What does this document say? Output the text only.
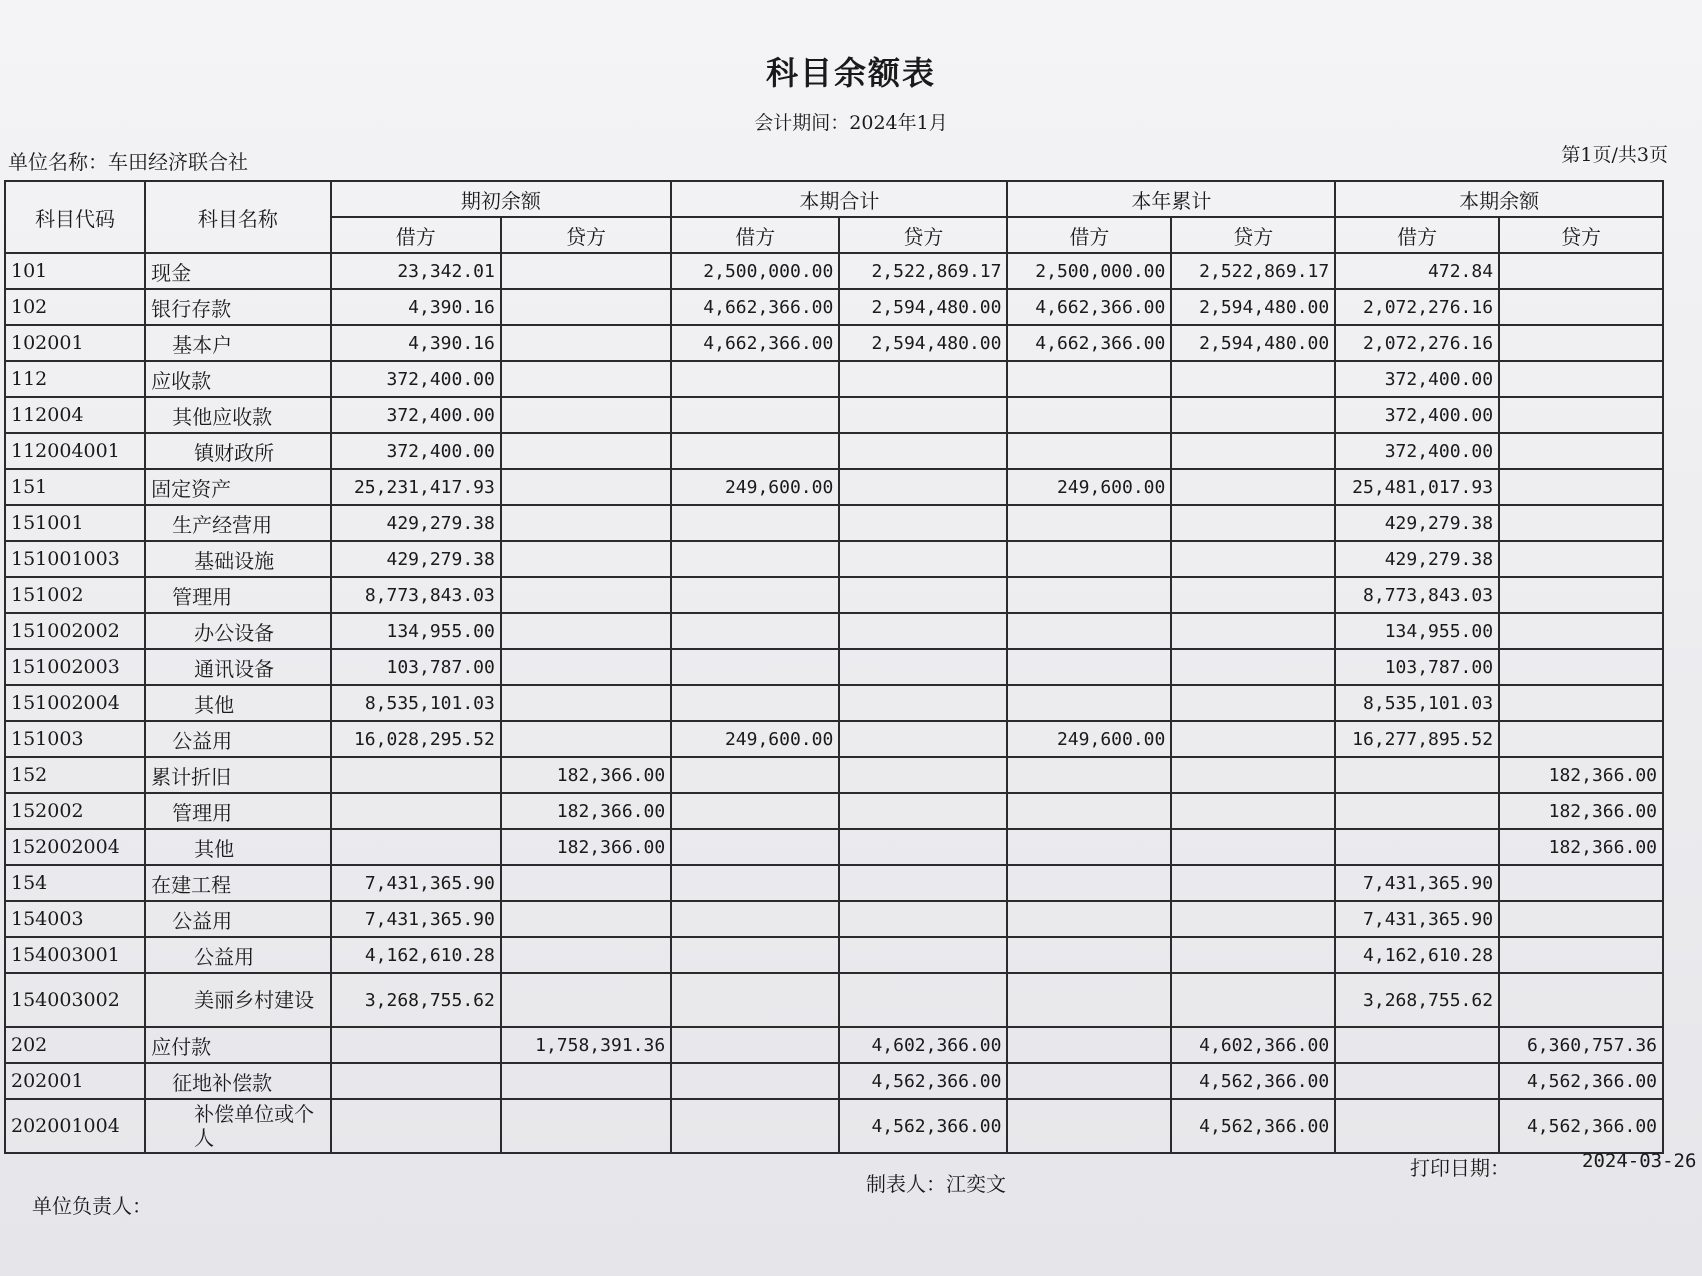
科目余额表
会计期间：2024年1月
单位名称：车田经济联合社	第1页/共3页
科目代码	科目名称	期初余额		本期合计		本年累计		本期余额	
		借方	贷方	借方	贷方	借方	贷方	借方	贷方
101	现金	23,342.01		2,500,000.00	2,522,869.17	2,500,000.00	2,522,869.17	472.84	
102	银行存款	4,390.16		4,662,366.00	2,594,480.00	4,662,366.00	2,594,480.00	2,072,276.16	
102001	基本户	4,390.16		4,662,366.00	2,594,480.00	4,662,366.00	2,594,480.00	2,072,276.16	
112	应收款	372,400.00						372,400.00	
112004	其他应收款	372,400.00						372,400.00	
112004001	镇财政所	372,400.00						372,400.00	
151	固定资产	25,231,417.93		249,600.00		249,600.00		25,481,017.93	
151001	生产经营用	429,279.38						429,279.38	
151001003	基础设施	429,279.38						429,279.38	
151002	管理用	8,773,843.03						8,773,843.03	
151002002	办公设备	134,955.00						134,955.00	
151002003	通讯设备	103,787.00						103,787.00	
151002004	其他	8,535,101.03						8,535,101.03	
151003	公益用	16,028,295.52		249,600.00		249,600.00		16,277,895.52	
152	累计折旧		182,366.00						182,366.00
152002	管理用		182,366.00						182,366.00
152002004	其他		182,366.00						182,366.00
154	在建工程	7,431,365.90						7,431,365.90	
154003	公益用	7,431,365.90						7,431,365.90	
154003001	公益用	4,162,610.28						4,162,610.28	
154003002	美丽乡村建设	3,268,755.62						3,268,755.62	
202	应付款		1,758,391.36		4,602,366.00		4,602,366.00		6,360,757.36
202001	征地补偿款				4,562,366.00		4,562,366.00		4,562,366.00
202001004	补偿单位或个人				4,562,366.00		4,562,366.00		4,562,366.00
制表人：江奕文
打印日期：	2024-03-26
单位负责人：
